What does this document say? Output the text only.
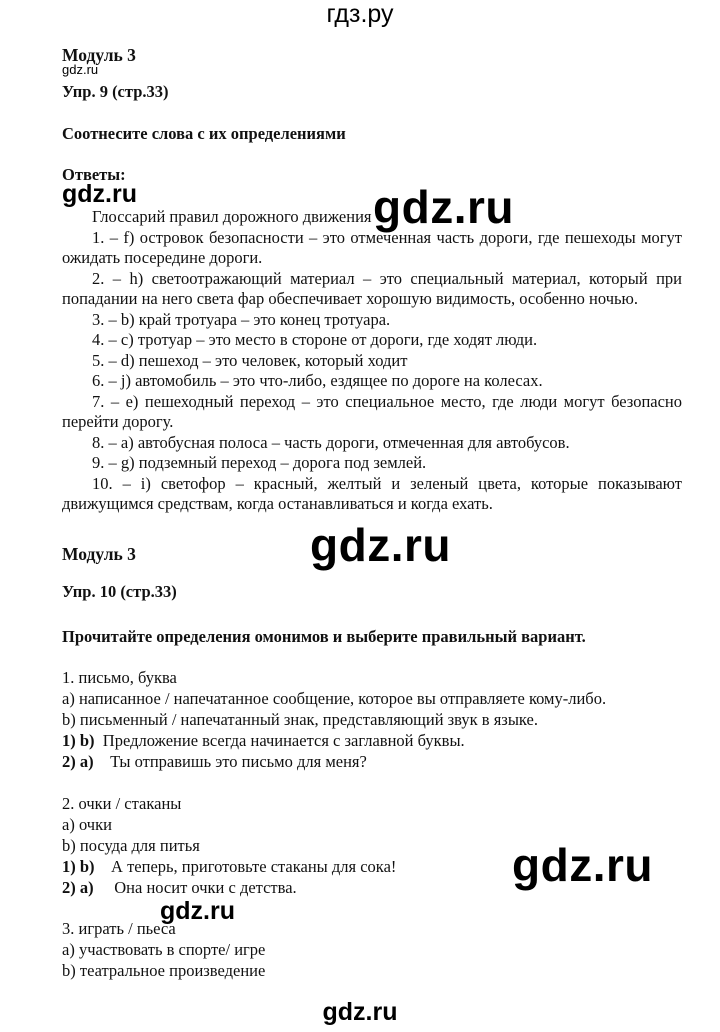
гдз.ру
gdz.ru
gdz.ru	gdz.ru
gdz.ru
gdz.ru
gdz.ru
gdz.ru
Модуль 3
Упр. 9 (стр.33)
Соотнесите слова с их определениями
Ответы:
Глоссарий правил дорожного движения
1. – f) островок безопасности – это отмеченная часть дороги, где пешеходы могут ожидать посередине дороги.
2. – h) светоотражающий материал – это специальный материал, который при попадании на него света фар обеспечивает хорошую видимость, особенно ночью.
3. – b) край тротуара – это конец тротуара.
4. – c) тротуар – это место в стороне от дороги, где ходят люди.
5. – d) пешеход – это человек, который ходит
6. – j) автомобиль – это что-либо, ездящее по дороге на колесах.
7. – e) пешеходный переход – это специальное место, где люди могут безопасно перейти дорогу.
8. – a) автобусная полоса – часть дороги, отмеченная для автобусов.
9. – g) подземный переход – дорога под землей.
10. – i) светофор – красный, желтый и зеленый цвета, которые показывают движущимся средствам, когда останавливаться и когда ехать.
Модуль 3
Упр. 10 (стр.33)
Прочитайте определения омонимов и выберите правильный вариант.
1. письмо, буква
a) написанное / напечатанное сообщение, которое вы отправляете кому-либо.
b) письменный / напечатанный знак, представляющий звук в языке.
1) b) Предложение всегда начинается с заглавной буквы.
2) a) Ты отправишь это письмо для меня?
2. очки / стаканы
a) очки
b) посуда для питья
1) b) А теперь, приготовьте стаканы для сока!
2) a) Она носит очки с детства.
3. играть / пьеса
a) участвовать в спорте/ игре
b) театральное произведение
